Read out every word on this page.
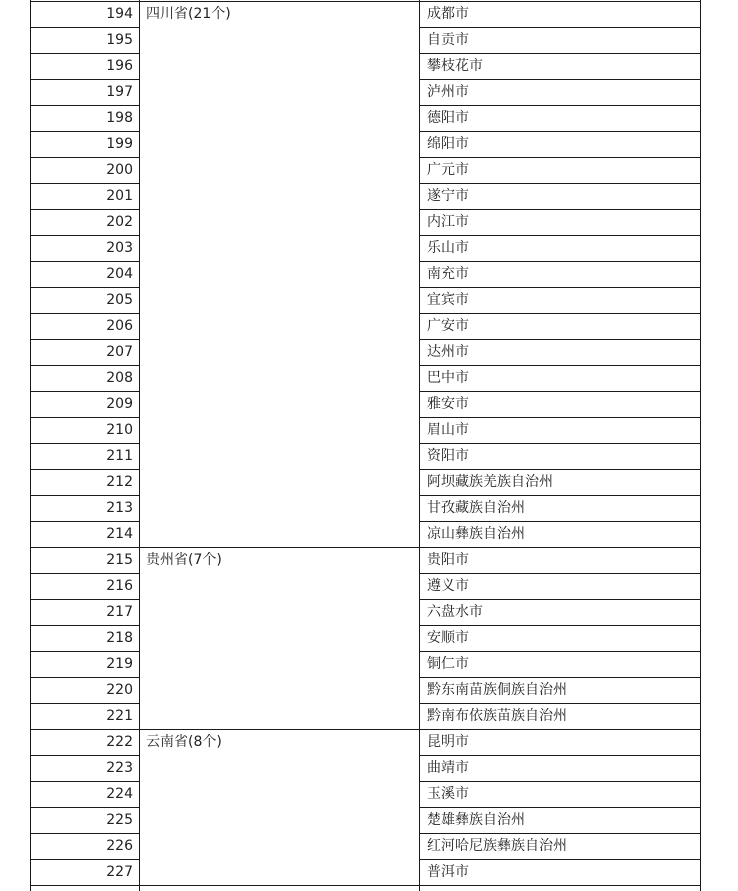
194	四川省(21个)	成都市
195		自贡市
196		攀枝花市
197		泸州市
198		德阳市
199		绵阳市
200		广元市
201		遂宁市
202		内江市
203		乐山市
204		南充市
205		宜宾市
206		广安市
207		达州市
208		巴中市
209		雅安市
210		眉山市
211		资阳市
212		阿坝藏族羌族自治州
213		甘孜藏族自治州
214		凉山彝族自治州
215	贵州省(7个)	贵阳市
216		遵义市
217		六盘水市
218		安顺市
219		铜仁市
220		黔东南苗族侗族自治州
221		黔南布依族苗族自治州
222	云南省(8个)	昆明市
223		曲靖市
224		玉溪市
225		楚雄彝族自治州
226		红河哈尼族彝族自治州
227		普洱市
